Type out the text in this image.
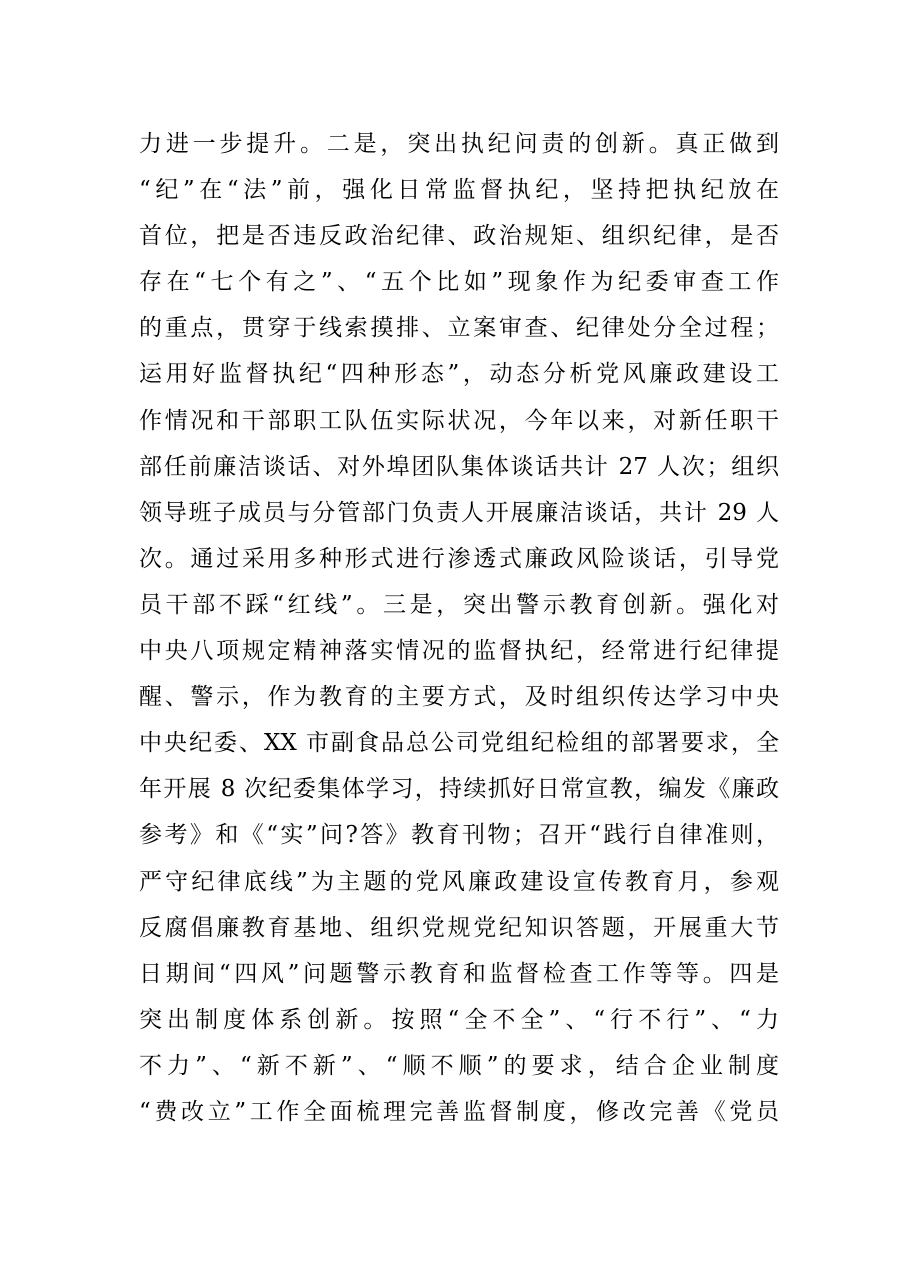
力进一步提升。二是，突出执纪问责的创新。真正做到
“纪”在“法”前，强化日常监督执纪，坚持把执纪放在
首位，把是否违反政治纪律、政治规矩、组织纪律，是否
存在“七个有之”、“五个比如”现象作为纪委审查工作
的重点，贯穿于线索摸排、立案审查、纪律处分全过程；
运用好监督执纪“四种形态”，动态分析党风廉政建设工
作情况和干部职工队伍实际状况，今年以来，对新任职干
部任前廉洁谈话、对外埠团队集体谈话共计 27 人次；组织
领导班子成员与分管部门负责人开展廉洁谈话，共计 29 人
次。通过采用多种形式进行渗透式廉政风险谈话，引导党
员干部不踩“红线”。三是，突出警示教育创新。强化对
中央八项规定精神落实情况的监督执纪，经常进行纪律提
醒、警示，作为教育的主要方式，及时组织传达学习中央
中央纪委、XX 市副食品总公司党组纪检组的部署要求，全
年开展 8 次纪委集体学习，持续抓好日常宣教，编发《廉政
参考》和《“实”问?答》教育刊物；召开“践行自律准则，
严守纪律底线”为主题的党风廉政建设宣传教育月，参观
反腐倡廉教育基地、组织党规党纪知识答题，开展重大节
日期间“四风”问题警示教育和监督检查工作等等。四是
突出制度体系创新。按照“全不全”、“行不行”、“力
不力”、“新不新”、“顺不顺”的要求，结合企业制度
“费改立”工作全面梳理完善监督制度，修改完善《党员
